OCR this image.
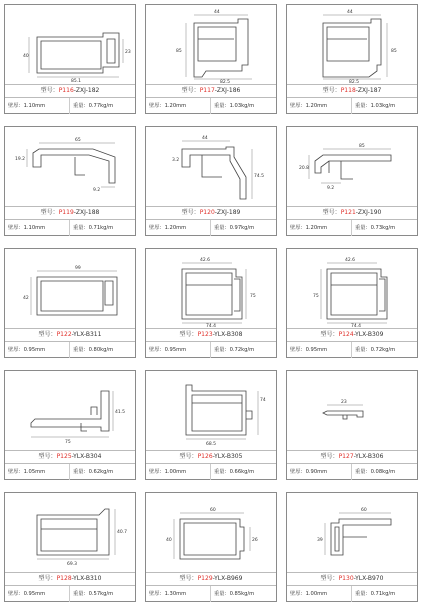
40
23
85.1
型号：P116-ZXJ-182
壁厚：1.10mm	重量：0.77kg/m
44
85
82.5
型号：P117-ZXJ-186
壁厚：1.20mm	重量：1.03kg/m
44
85
82.5
型号：P118-ZXJ-187
壁厚：1.20mm	重量：1.03kg/m
65
19.2
9.2
型号：P119-ZXJ-188
壁厚：1.10mm	重量：0.71kg/m
44
3.2
74.5
型号：P120-ZXJ-189
壁厚：1.20mm	重量：0.97kg/m
85
20.8
9.2
型号：P121-ZXJ-190
壁厚：1.20mm	重量：0.73kg/m
99
42
型号：P122-YLX-B311
壁厚：0.95mm	重量：0.80kg/m
42.6
75
74.4
型号：P123-YLX-B308
壁厚：0.95mm	重量：0.72kg/m
42.6
75
74.4
型号：P124-YLX-B309
壁厚：0.95mm	重量：0.72kg/m
41.5
75
型号：P125-YLX-B304
壁厚：1.05mm	重量：0.62kg/m
74
68.5
型号：P126-YLX-B305
壁厚：1.00mm	重量：0.66kg/m
23
型号：P127-YLX-B306
壁厚：0.90mm	重量：0.08kg/m
40.7
69.3
型号：P128-YLX-B310
壁厚：0.95mm	重量：0.57kg/m
60
40	26
型号：P129-YLX-B969
壁厚：1.30mm	重量：0.85kg/m
60
39
型号：P130-YLX-B970
壁厚：1.00mm	重量：0.71kg/m
